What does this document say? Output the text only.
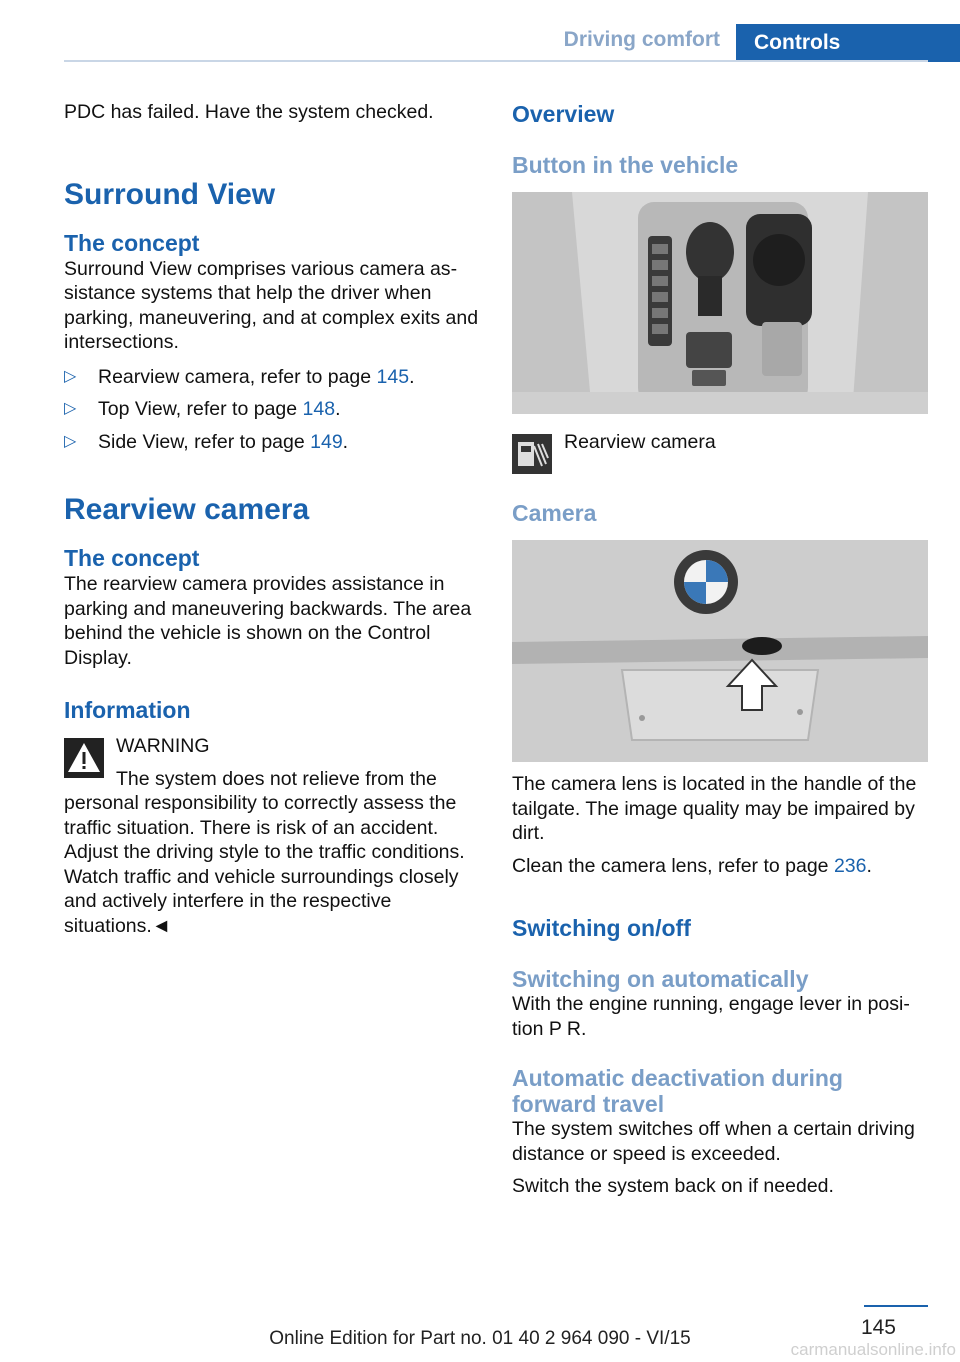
Driving comfort	Controls

PDC has failed. Have the system checked.

Surround View
The concept

Surround View comprises various camera assistance systems that help the driver when parking, maneuvering, and at complex exits and intersections.

▷ Rearview camera, refer to page 145.
▷ Top View, refer to page 148.
▷ Side View, refer to page 149.
Rearview camera
The concept

The rearview camera provides assistance in parking and maneuvering backwards. The area behind the vehicle is shown on the Control Display.

Information
WARNING

The system does not relieve from the personal responsibility to correctly assess the traffic situation. There is risk of an accident. Adjust the driving style to the traffic conditions. Watch traffic and vehicle surroundings closely and actively interfere in the respective situations.◄

Overview
Button in the vehicle
Rearview camera
Camera

The camera lens is located in the handle of the tailgate. The image quality may be impaired by dirt.

Clean the camera lens, refer to page 236.

Switching on/off
Switching on automatically

With the engine running, engage lever in position P R.

Automatic deactivation during forward travel

The system switches off when a certain driving distance or speed is exceeded.

Switch the system back on if needed.

145
Online Edition for Part no. 01 40 2 964 090 - VI/15
carmanualsonline.info
